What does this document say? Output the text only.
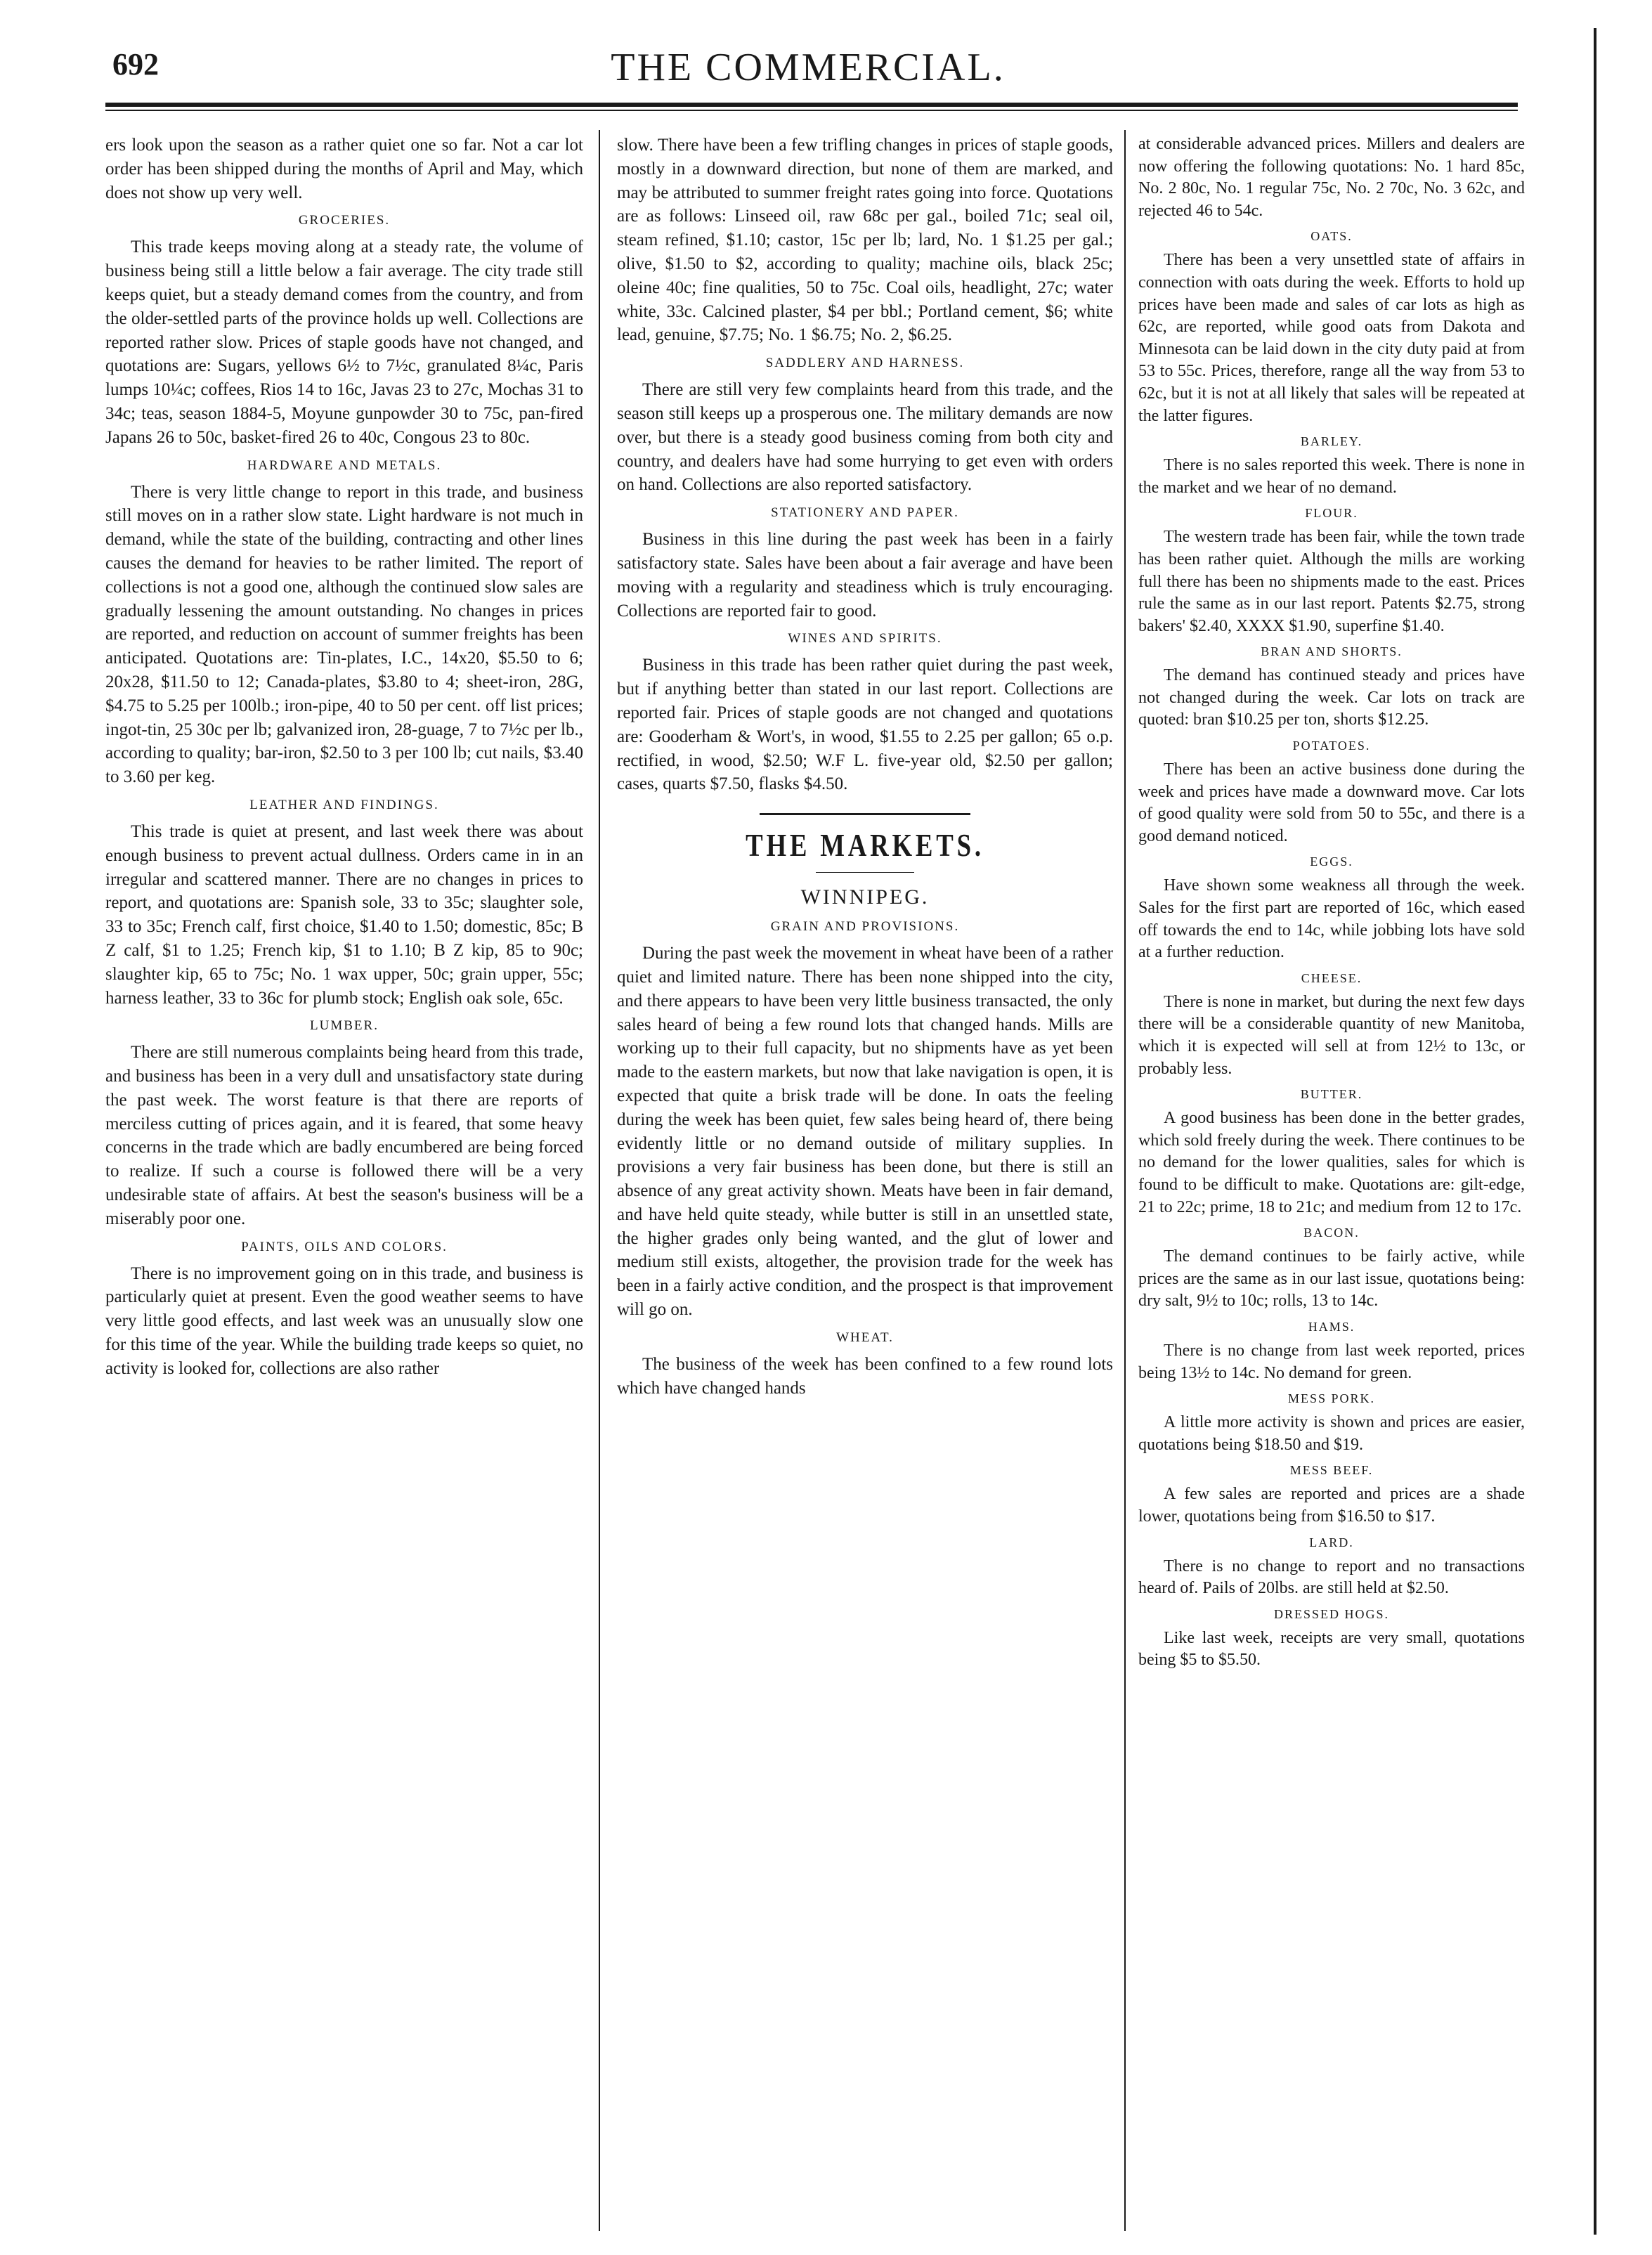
692	THE COMMERCIAL.

ers look upon the season as a rather quiet one so far. Not a car lot order has been shipped during the months of April and May, which does not show up very well.

GROCERIES.

This trade keeps moving along at a steady rate, the volume of business being still a little below a fair average. The city trade still keeps quiet, but a steady demand comes from the country, and from the older-settled parts of the province holds up well. Collections are reported rather slow. Prices of staple goods have not changed, and quotations are: Sugars, yellows 6½ to 7½c, granulated 8¼c, Paris lumps 10¼c; coffees, Rios 14 to 16c, Javas 23 to 27c, Mochas 31 to 34c; teas, season 1884-5, Moyune gunpowder 30 to 75c, pan-fired Japans 26 to 50c, basket-fired 26 to 40c, Congous 23 to 80c.

HARDWARE AND METALS.

There is very little change to report in this trade, and business still moves on in a rather slow state. Light hardware is not much in demand, while the state of the building, contracting and other lines causes the demand for heavies to be rather limited. The report of collections is not a good one, although the continued slow sales are gradually lessening the amount outstanding. No changes in prices are reported, and reduction on account of summer freights has been anticipated. Quotations are: Tin-plates, I.C., 14x20, $5.50 to 6; 20x28, $11.50 to 12; Canada-plates, $3.80 to 4; sheet-iron, 28G, $4.75 to 5.25 per 100lb.; iron-pipe, 40 to 50 per cent. off list prices; ingot-tin, 25 30c per lb; galvanized iron, 28-guage, 7 to 7½c per lb., according to quality; bar-iron, $2.50 to 3 per 100 lb; cut nails, $3.40 to 3.60 per keg.

LEATHER AND FINDINGS.

This trade is quiet at present, and last week there was about enough business to prevent actual dullness. Orders came in in an irregular and scattered manner. There are no changes in prices to report, and quotations are: Spanish sole, 33 to 35c; slaughter sole, 33 to 35c; French calf, first choice, $1.40 to 1.50; domestic, 85c; B Z calf, $1 to 1.25; French kip, $1 to 1.10; B Z kip, 85 to 90c; slaughter kip, 65 to 75c; No. 1 wax upper, 50c; grain upper, 55c; harness leather, 33 to 36c for plumb stock; English oak sole, 65c.

LUMBER.

There are still numerous complaints being heard from this trade, and business has been in a very dull and unsatisfactory state during the past week. The worst feature is that there are reports of merciless cutting of prices again, and it is feared, that some heavy concerns in the trade which are badly encumbered are being forced to realize. If such a course is followed there will be a very undesirable state of affairs. At best the season's business will be a miserably poor one.

PAINTS, OILS AND COLORS.

There is no improvement going on in this trade, and business is particularly quiet at present. Even the good weather seems to have very little good effects, and last week was an unusually slow one for this time of the year. While the building trade keeps so quiet, no activity is looked for, collections are also rather

slow. There have been a few trifling changes in prices of staple goods, mostly in a downward direction, but none of them are marked, and may be attributed to summer freight rates going into force. Quotations are as follows: Linseed oil, raw 68c per gal., boiled 71c; seal oil, steam refined, $1.10; castor, 15c per lb; lard, No. 1 $1.25 per gal.; olive, $1.50 to $2, according to quality; machine oils, black 25c; oleine 40c; fine qualities, 50 to 75c. Coal oils, headlight, 27c; water white, 33c. Calcined plaster, $4 per bbl.; Portland cement, $6; white lead, genuine, $7.75; No. 1 $6.75; No. 2, $6.25.

SADDLERY AND HARNESS.

There are still very few complaints heard from this trade, and the season still keeps up a prosperous one. The military demands are now over, but there is a steady good business coming from both city and country, and dealers have had some hurrying to get even with orders on hand. Collections are also reported satisfactory.

STATIONERY AND PAPER.

Business in this line during the past week has been in a fairly satisfactory state. Sales have been about a fair average and have been moving with a regularity and steadiness which is truly encouraging. Collections are reported fair to good.

WINES AND SPIRITS.

Business in this trade has been rather quiet during the past week, but if anything better than stated in our last report. Collections are reported fair. Prices of staple goods are not changed and quotations are: Gooderham & Wort's, in wood, $1.55 to 2.25 per gallon; 65 o.p. rectified, in wood, $2.50; W.F L. five-year old, $2.50 per gallon; cases, quarts $7.50, flasks $4.50.

THE MARKETS.
WINNIPEG.
GRAIN AND PROVISIONS.

During the past week the movement in wheat have been of a rather quiet and limited nature. There has been none shipped into the city, and there appears to have been very little business transacted, the only sales heard of being a few round lots that changed hands. Mills are working up to their full capacity, but no shipments have as yet been made to the eastern markets, but now that lake navigation is open, it is expected that quite a brisk trade will be done. In oats the feeling during the week has been quiet, few sales being heard of, there being evidently little or no demand outside of military supplies. In provisions a very fair business has been done, but there is still an absence of any great activity shown. Meats have been in fair demand, and have held quite steady, while butter is still in an unsettled state, the higher grades only being wanted, and the glut of lower and medium still exists, altogether, the provision trade for the week has been in a fairly active condition, and the prospect is that improvement will go on.

WHEAT.

The business of the week has been confined to a few round lots which have changed hands

at considerable advanced prices. Millers and dealers are now offering the following quotations: No. 1 hard 85c, No. 2 80c, No. 1 regular 75c, No. 2 70c, No. 3 62c, and rejected 46 to 54c.

OATS.

There has been a very unsettled state of affairs in connection with oats during the week. Efforts to hold up prices have been made and sales of car lots as high as 62c, are reported, while good oats from Dakota and Minnesota can be laid down in the city duty paid at from 53 to 55c. Prices, therefore, range all the way from 53 to 62c, but it is not at all likely that sales will be repeated at the latter figures.

BARLEY.

There is no sales reported this week. There is none in the market and we hear of no demand.

FLOUR.

The western trade has been fair, while the town trade has been rather quiet. Although the mills are working full there has been no shipments made to the east. Prices rule the same as in our last report. Patents $2.75, strong bakers' $2.40, XXXX $1.90, superfine $1.40.

BRAN AND SHORTS.

The demand has continued steady and prices have not changed during the week. Car lots on track are quoted: bran $10.25 per ton, shorts $12.25.

POTATOES.

There has been an active business done during the week and prices have made a downward move. Car lots of good quality were sold from 50 to 55c, and there is a good demand noticed.

EGGS.

Have shown some weakness all through the week. Sales for the first part are reported of 16c, which eased off towards the end to 14c, while jobbing lots have sold at a further reduction.

CHEESE.

There is none in market, but during the next few days there will be a considerable quantity of new Manitoba, which it is expected will sell at from 12½ to 13c, or probably less.

BUTTER.

A good business has been done in the better grades, which sold freely during the week. There continues to be no demand for the lower qualities, sales for which is found to be difficult to make. Quotations are: gilt-edge, 21 to 22c; prime, 18 to 21c; and medium from 12 to 17c.

BACON.

The demand continues to be fairly active, while prices are the same as in our last issue, quotations being: dry salt, 9½ to 10c; rolls, 13 to 14c.

HAMS.

There is no change from last week reported, prices being 13½ to 14c. No demand for green.

MESS PORK.

A little more activity is shown and prices are easier, quotations being $18.50 and $19.

MESS BEEF.

A few sales are reported and prices are a shade lower, quotations being from $16.50 to $17.

LARD.

There is no change to report and no transactions heard of. Pails of 20lbs. are still held at $2.50.

DRESSED HOGS.

Like last week, receipts are very small, quotations being $5 to $5.50.
